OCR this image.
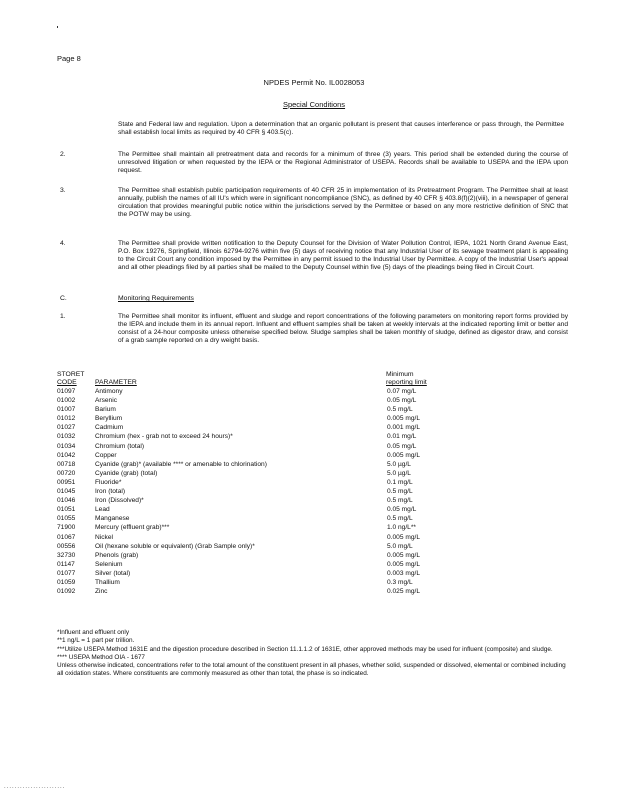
Page 8
NPDES Permit No. IL0028053
Special Conditions
State and Federal law and regulation. Upon a determination that an organic pollutant is present that causes interference or pass through, the Permittee shall establish local limits as required by 40 CFR § 403.5(c).
2.	The Permittee shall maintain all pretreatment data and records for a minimum of three (3) years. This period shall be extended during the course of unresolved litigation or when requested by the IEPA or the Regional Administrator of USEPA. Records shall be available to USEPA and the IEPA upon request.
3.	The Permittee shall establish public participation requirements of 40 CFR 25 in implementation of its Pretreatment Program. The Permittee shall at least annually, publish the names of all IU's which were in significant noncompliance (SNC), as defined by 40 CFR § 403.8(f)(2)(viii), in a newspaper of general circulation that provides meaningful public notice within the jurisdictions served by the Permittee or based on any more restrictive definition of SNC that the POTW may be using.
4.	The Permittee shall provide written notification to the Deputy Counsel for the Division of Water Pollution Control, IEPA, 1021 North Grand Avenue East, P.O. Box 19276, Springfield, Illinois 62794-9276 within five (5) days of receiving notice that any Industrial User of its sewage treatment plant is appealing to the Circuit Court any condition imposed by the Permittee in any permit issued to the Industrial User by Permittee. A copy of the Industrial User's appeal and all other pleadings filed by all parties shall be mailed to the Deputy Counsel within five (5) days of the pleadings being filed in Circuit Court.
C.	Monitoring Requirements
1.	The Permittee shall monitor its influent, effluent and sludge and report concentrations of the following parameters on monitoring report forms provided by the IEPA and include them in its annual report. Influent and effluent samples shall be taken at weekly intervals at the indicated reporting limit or better and consist of a 24-hour composite unless otherwise specified below. Sludge samples shall be taken monthly of sludge, defined as digestor draw, and consist of a grab sample reported on a dry weight basis.
STORET
CODE	PARAMETER
Minimum
reporting limit
01097	Antimony	0.07 mg/L
01002	Arsenic	0.05 mg/L
01007	Barium	0.5 mg/L
01012	Beryllium	0.005 mg/L
01027	Cadmium	0.001 mg/L
01032	Chromium (hex - grab not to exceed 24 hours)*	0.01 mg/L
01034	Chromium (total)	0.05 mg/L
01042	Copper	0.005 mg/L
00718	Cyanide (grab)* (available **** or amenable to chlorination)	5.0 µg/L
00720	Cyanide (grab) (total)	5.0 µg/L
00951	Fluoride*	0.1 mg/L
01045	Iron (total)	0.5 mg/L
01046	Iron (Dissolved)*	0.5 mg/L
01051	Lead	0.05 mg/L
01055	Manganese	0.5 mg/L
71900	Mercury (effluent grab)***	1.0 ng/L**
01067	Nickel	0.005 mg/L
00556	Oil (hexane soluble or equivalent) (Grab Sample only)*	5.0 mg/L
32730	Phenols (grab)	0.005 mg/L
01147	Selenium	0.005 mg/L
01077	Silver (total)	0.003 mg/L
01059	Thallium	0.3 mg/L
01092	Zinc	0.025 mg/L
*Influent and effluent only
**1 ng/L = 1 part per trillion.
***Utilize USEPA Method 1631E and the digestion procedure described in Section 11.1.1.2 of 1631E, other approved methods may be used for influent (composite) and sludge.
**** USEPA Method OIA - 1677
Unless otherwise indicated, concentrations refer to the total amount of the constituent present in all phases, whether solid, suspended or dissolved, elemental or combined including all oxidation states. Where constituents are commonly measured as other than total, the phase is so indicated.
.......................
